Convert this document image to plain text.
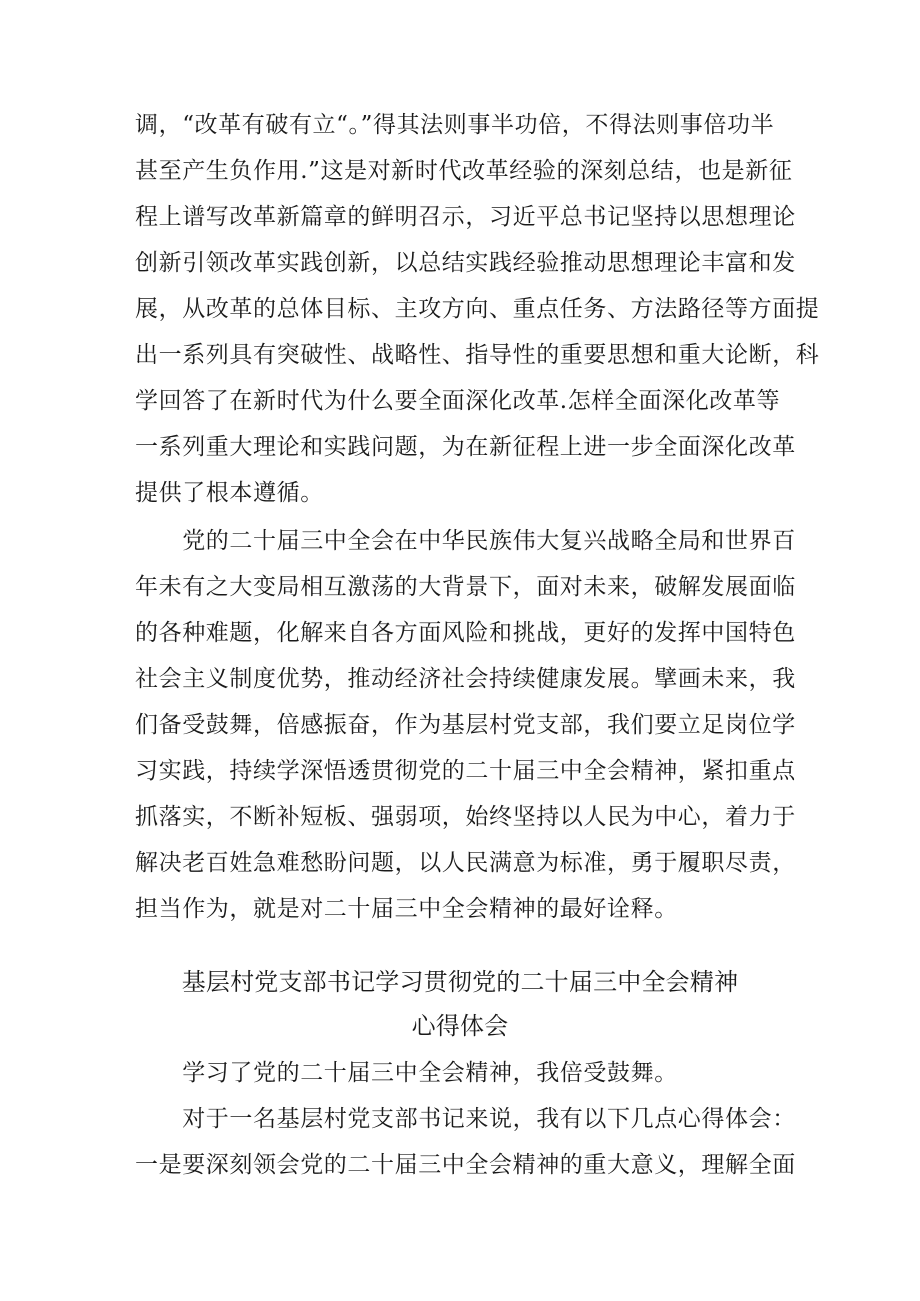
调，“改革有破有立“。”得其法则事半功倍，不得法则事倍功半
甚至产生负作用.”这是对新时代改革经验的深刻总结，也是新征
程上谱写改革新篇章的鲜明召示，习近平总书记坚持以思想理论
创新引领改革实践创新，以总结实践经验推动思想理论丰富和发
展，从改革的总体目标、主攻方向、重点任务、方法路径等方面提
出一系列具有突破性、战略性、指导性的重要思想和重大论断，科
学回答了在新时代为什么要全面深化改革.怎样全面深化改革等
一系列重大理论和实践问题，为在新征程上进一步全面深化改革
提供了根本遵循。
　　党的二十届三中全会在中华民族伟大复兴战略全局和世界百
年未有之大变局相互激荡的大背景下，面对未来，破解发展面临
的各种难题，化解来自各方面风险和挑战，更好的发挥中国特色
社会主义制度优势，推动经济社会持续健康发展。擘画未来，我
们备受鼓舞，倍感振奋，作为基层村党支部，我们要立足岗位学
习实践，持续学深悟透贯彻党的二十届三中全会精神，紧扣重点
抓落实，不断补短板、强弱项，始终坚持以人民为中心，着力于
解决老百姓急难愁盼问题，以人民满意为标准，勇于履职尽责，
担当作为，就是对二十届三中全会精神的最好诠释。
基层村党支部书记学习贯彻党的二十届三中全会精神
心得体会
　　学习了党的二十届三中全会精神，我倍受鼓舞。
　　对于一名基层村党支部书记来说，我有以下几点心得体会：
一是要深刻领会党的二十届三中全会精神的重大意义，理解全面
